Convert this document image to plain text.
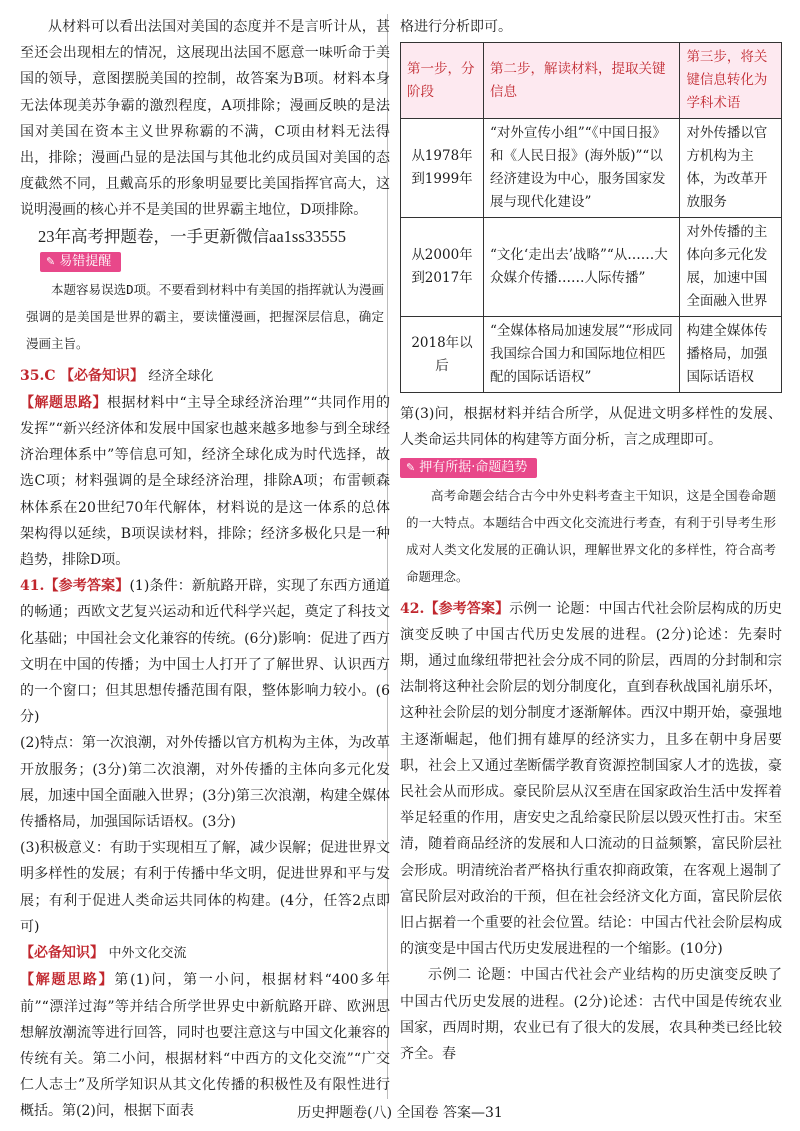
从材料可以看出法国对美国的态度并不是言听计从，甚至还会出现相左的情况，这展现出法国不愿意一味听命于美国的领导，意图摆脱美国的控制，故答案为B项。材料本身无法体现美苏争霸的激烈程度，A项排除；漫画反映的是法国对美国在资本主义世界称霸的不满，C项由材料无法得出，排除；漫画凸显的是法国与其他北约成员国对美国的态度截然不同，且戴高乐的形象明显要比美国指挥官高大，这说明漫画的核心并不是美国的世界霸主地位，D项排除。

23年高考押题卷，一手更新微信aa1ss33555
✎ 易错提醒
本题容易误选D项。不要看到材料中有美国的指挥就认为漫画强调的是美国是世界的霸主，要读懂漫画，把握深层信息，确定漫画主旨。

35.C 【必备知识】 经济全球化

【解题思路】根据材料中“主导全球经济治理”“共同作用的发挥”“新兴经济体和发展中国家也越来越多地参与到全球经济治理体系中”等信息可知，经济全球化成为时代选择，故选C项；材料强调的是全球经济治理，排除A项；布雷顿森林体系在20世纪70年代解体，材料说的是这一体系的总体架构得以延续，B项误读材料，排除；经济多极化只是一种趋势，排除D项。

41.【参考答案】(1)条件：新航路开辟，实现了东西方通道的畅通；西欧文艺复兴运动和近代科学兴起，奠定了科技文化基础；中国社会文化兼容的传统。(6分)影响：促进了西方文明在中国的传播；为中国士人打开了了解世界、认识西方的一个窗口；但其思想传播范围有限，整体影响力较小。(6分)

(2)特点：第一次浪潮，对外传播以官方机构为主体，为改革开放服务；(3分)第二次浪潮，对外传播的主体向多元化发展，加速中国全面融入世界；(3分)第三次浪潮，构建全媒体传播格局，加强国际话语权。(3分)

(3)积极意义：有助于实现相互了解，减少误解；促进世界文明多样性的发展；有利于传播中华文明，促进世界和平与发展；有利于促进人类命运共同体的构建。(4分，任答2点即可)

【必备知识】 中外文化交流

【解题思路】第(1)问，第一小问，根据材料“400多年前”“漂洋过海”等并结合所学世界史中新航路开辟、欧洲思想解放潮流等进行回答，同时也要注意这与中国文化兼容的传统有关。第二小问，根据材料“中西方的文化交流”“广交仁人志士”及所学知识从其文化传播的积极性及有限性进行概括。第(2)问，根据下面表

格进行分析即可。

第一步，分阶段	第二步，解读材料，提取关键信息	第三步，将关键信息转化为学科术语
从1978年到1999年	“对外宣传小组”“《中国日报》和《人民日报》(海外版)”“以经济建设为中心，服务国家发展与现代化建设”	对外传播以官方机构为主体，为改革开放服务
从2000年到2017年	“文化‘走出去’战略”“从……大众媒介传播……人际传播”	对外传播的主体向多元化发展，加速中国全面融入世界
2018年以后	“全媒体格局加速发展”“形成同我国综合国力和国际地位相匹配的国际话语权”	构建全媒体传播格局，加强国际话语权

第(3)问，根据材料并结合所学，从促进文明多样性的发展、人类命运共同体的构建等方面分析，言之成理即可。

✎ 押有所据·命题趋势
高考命题会结合古今中外史料考查主干知识，这是全国卷命题的一大特点。本题结合中西文化交流进行考查，有利于引导考生形成对人类文化发展的正确认识，理解世界文化的多样性，符合高考命题理念。

42.【参考答案】示例一 论题：中国古代社会阶层构成的历史演变反映了中国古代历史发展的进程。(2分)论述：先秦时期，通过血缘纽带把社会分成不同的阶层，西周的分封制和宗法制将这种社会阶层的划分制度化，直到春秋战国礼崩乐坏，这种社会阶层的划分制度才逐渐解体。西汉中期开始，豪强地主逐渐崛起，他们拥有雄厚的经济实力，且多在朝中身居要职，社会上又通过垄断儒学教育资源控制国家人才的选拔，豪民社会从而形成。豪民阶层从汉至唐在国家政治生活中发挥着举足轻重的作用，唐安史之乱给豪民阶层以毁灭性打击。宋至清，随着商品经济的发展和人口流动的日益频繁，富民阶层社会形成。明清统治者严格执行重农抑商政策，在客观上遏制了富民阶层对政治的干预，但在社会经济文化方面，富民阶层依旧占据着一个重要的社会位置。结论：中国古代社会阶层构成的演变是中国古代历史发展进程的一个缩影。(10分)

示例二 论题：中国古代社会产业结构的历史演变反映了中国古代历史发展的进程。(2分)论述：古代中国是传统农业国家，西周时期，农业已有了很大的发展，农具种类已经比较齐全。春

历史押题卷(八) 全国卷 答案—31
